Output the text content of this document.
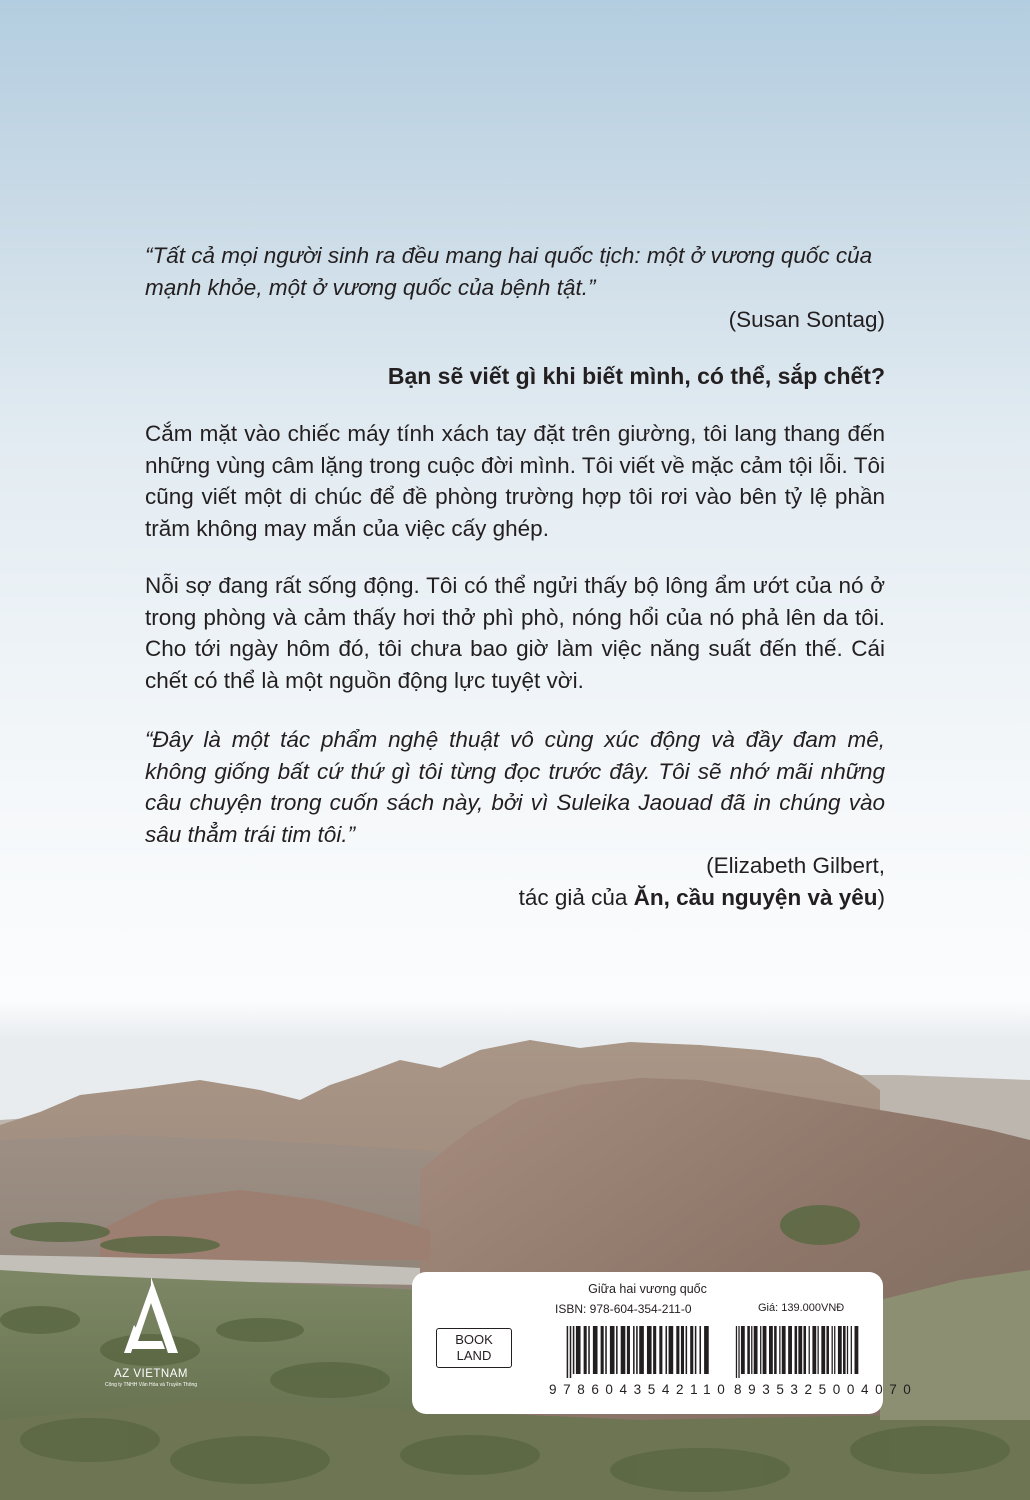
“Tất cả mọi người sinh ra đều mang hai quốc tịch: một ở vương quốc của mạnh khỏe, một ở vương quốc của bệnh tật.”

(Susan Sontag)

Bạn sẽ viết gì khi biết mình, có thể, sắp chết?

Cắm mặt vào chiếc máy tính xách tay đặt trên giường, tôi lang thang đến những vùng câm lặng trong cuộc đời mình. Tôi viết về mặc cảm tội lỗi. Tôi cũng viết một di chúc để đề phòng trường hợp tôi rơi vào bên tỷ lệ phần trăm không may mắn của việc cấy ghép.

Nỗi sợ đang rất sống động. Tôi có thể ngửi thấy bộ lông ẩm ướt của nó ở trong phòng và cảm thấy hơi thở phì phò, nóng hổi của nó phả lên da tôi. Cho tới ngày hôm đó, tôi chưa bao giờ làm việc năng suất đến thế. Cái chết có thể là một nguồn động lực tuyệt vời.

“Đây là một tác phẩm nghệ thuật vô cùng xúc động và đầy đam mê, không giống bất cứ thứ gì tôi từng đọc trước đây. Tôi sẽ nhớ mãi những câu chuyện trong cuốn sách này, bởi vì Suleika Jaouad đã in chúng vào sâu thẳm trái tim tôi.”

(Elizabeth Gilbert,

tác giả của Ăn, cầu nguyện và yêu)

AZ VIETNAM
Công ty TNHH Văn Hóa và Truyền Thông
Giữa hai vương quốc
ISBN: 978-604-354-211-0	Giá: 139.000VNĐ
BOOK
LAND
9786043542110 8935325004070
